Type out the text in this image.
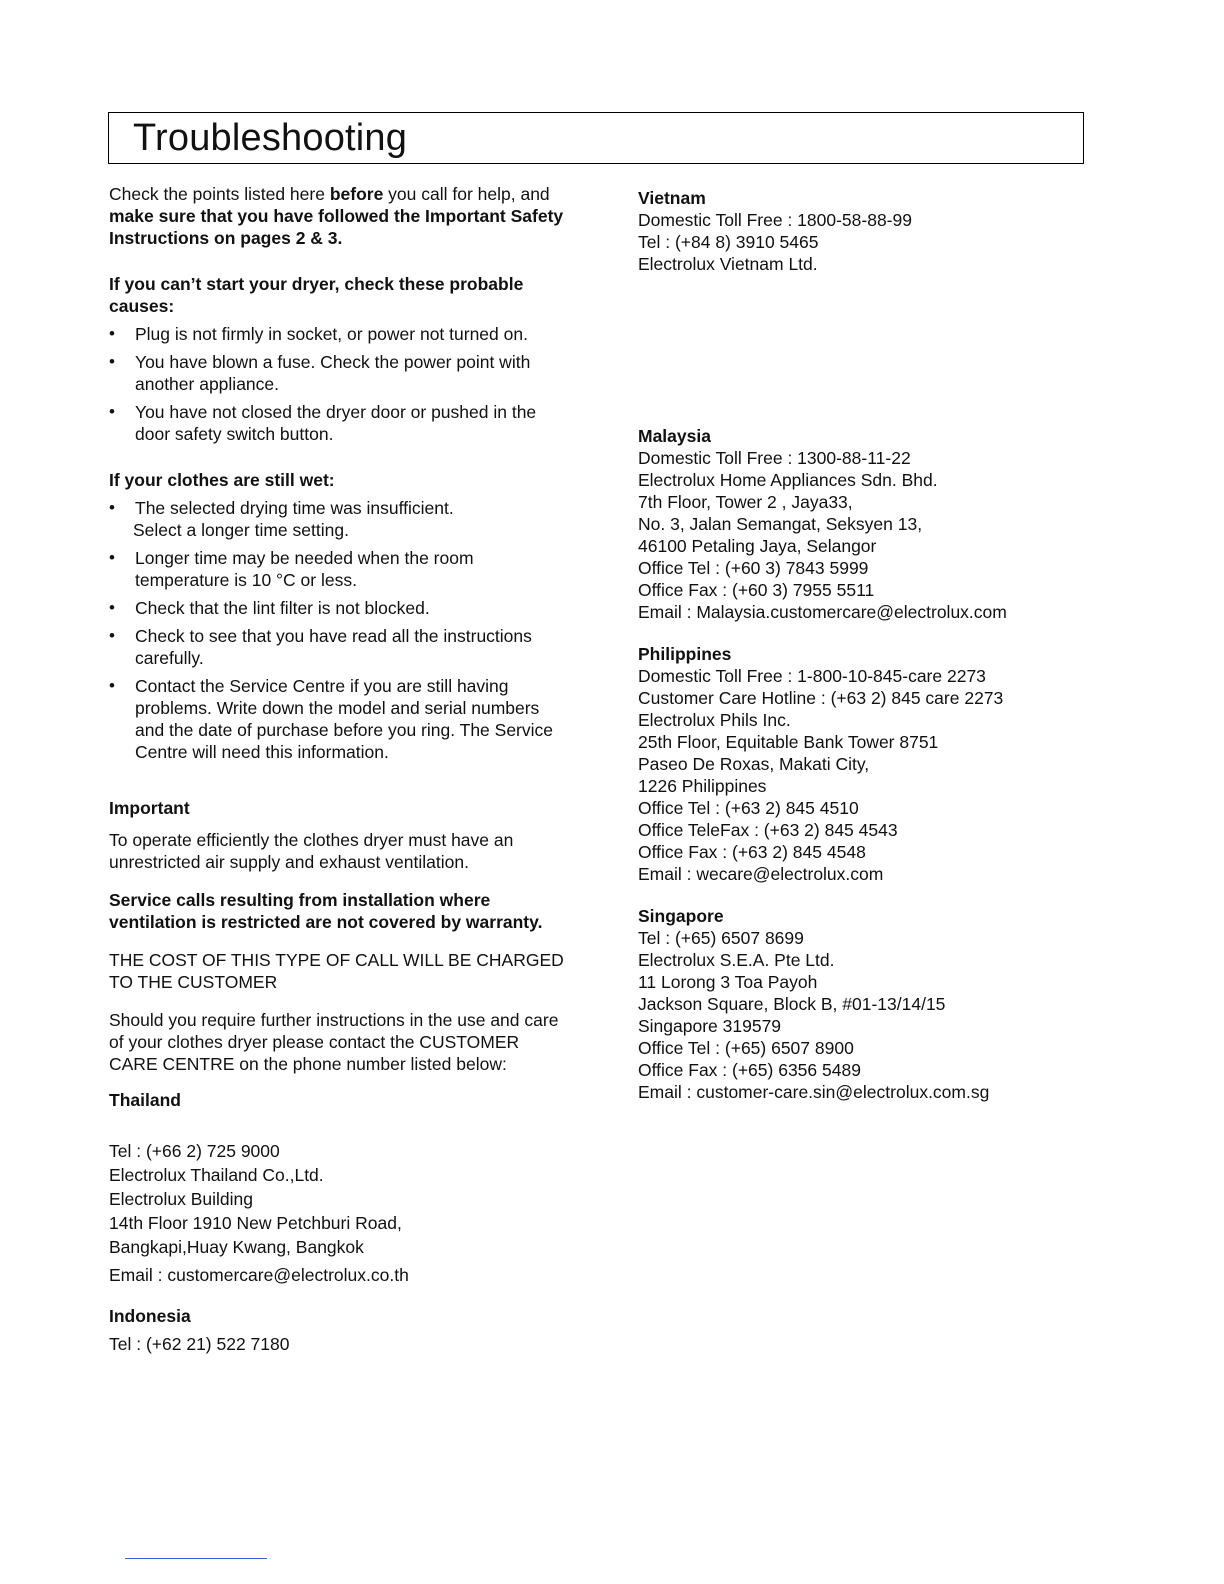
Troubleshooting

Check the points listed here before you call for help, and make sure that you have followed the Important Safety Instructions on pages 2 & 3.

If you can’t start your dryer, check these probable causes:

• Plug is not firmly in socket, or power not turned on.
• You have blown a fuse. Check the power point with another appliance.
• You have not closed the dryer door or pushed in the door safety switch button.

If your clothes are still wet:

• The selected drying time was insufficient.
Select a longer time setting.
• Longer time may be needed when the room temperature is 10 °C or less.
• Check that the lint filter is not blocked.
• Check to see that you have read all the instructions carefully.
• Contact the Service Centre if you are still having problems. Write down the model and serial numbers and the date of purchase before you ring. The Service Centre will need this information.

Important

To operate efficiently the clothes dryer must have an unrestricted air supply and exhaust ventilation.

Service calls resulting from installation where ventilation is restricted are not covered by warranty.

THE COST OF THIS TYPE OF CALL WILL BE CHARGED TO THE CUSTOMER

Should you require further instructions in the use and care of your clothes dryer please contact the CUSTOMER CARE CENTRE on the phone number listed below:

Thailand

Tel : (+66 2) 725 9000
Electrolux Thailand Co.,Ltd.
Electrolux Building
14th Floor 1910 New Petchburi Road,
Bangkapi,Huay Kwang, Bangkok
Email : customercare@electrolux.co.th

Indonesia

Tel : (+62 21) 522 7180

Vietnam
Domestic Toll Free : 1800-58-88-99
Tel : (+84 8) 3910 5465
Electrolux Vietnam Ltd.
Malaysia
Domestic Toll Free : 1300-88-11-22
Electrolux Home Appliances Sdn. Bhd.
7th Floor, Tower 2 , Jaya33,
No. 3, Jalan Semangat, Seksyen 13,
46100 Petaling Jaya, Selangor
Office Tel : (+60 3) 7843 5999
Office Fax : (+60 3) 7955 5511
Email : Malaysia.customercare@electrolux.com
Philippines
Domestic Toll Free : 1-800-10-845-care 2273
Customer Care Hotline : (+63 2) 845 care 2273
Electrolux Phils Inc.
25th Floor, Equitable Bank Tower 8751
Paseo De Roxas, Makati City,
1226 Philippines
Office Tel : (+63 2) 845 4510
Office TeleFax : (+63 2) 845 4543
Office Fax : (+63 2) 845 4548
Email : wecare@electrolux.com
Singapore
Tel : (+65) 6507 8699
Electrolux S.E.A. Pte Ltd.
11 Lorong 3 Toa Payoh
Jackson Square, Block B, #01-13/14/15
Singapore 319579
Office Tel : (+65) 6507 8900
Office Fax : (+65) 6356 5489
Email : customer-care.sin@electrolux.com.sg
